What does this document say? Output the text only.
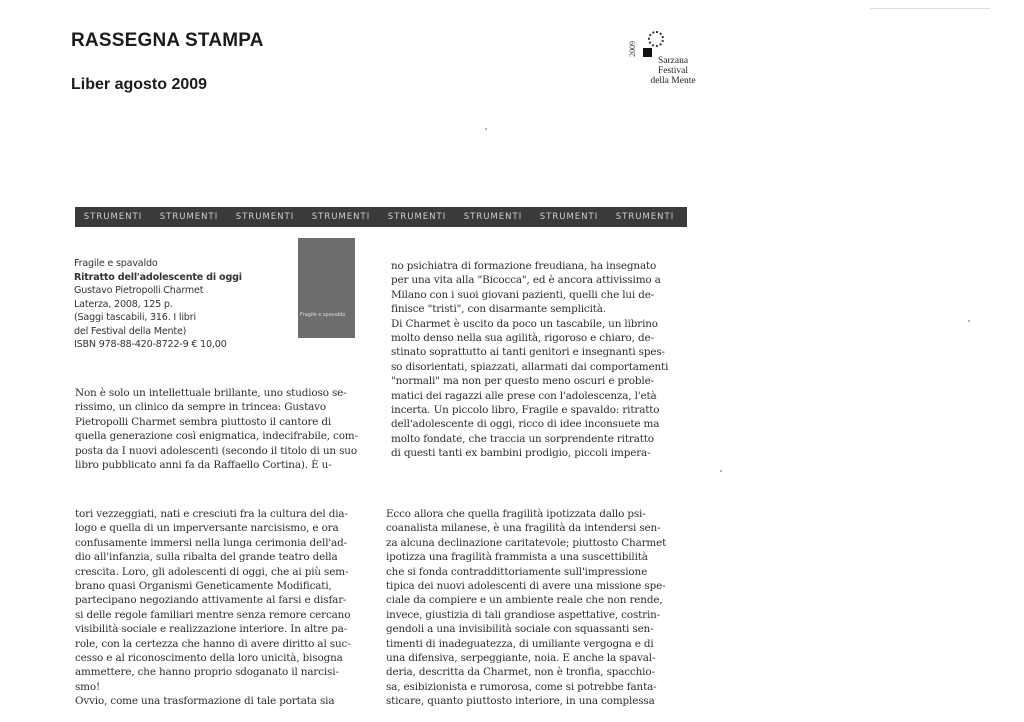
RASSEGNA STAMPA
Liber agosto 2009
2009
Sarzana
Festival
della Mente
STRUMENTI STRUMENTI STRUMENTI STRUMENTI STRUMENTI STRUMENTI STRUMENTI STRUMENTI
Fragile e spavaldo
Ritratto dell'adolescente di oggi
Gustavo Pietropolli Charmet
Laterza, 2008, 125 p.
(Saggi tascabili, 316. I libri
del Festival della Mente)
ISBN 978-88-420-8722-9 € 10,00
Fragile e spavaldo
Non è solo un intellettuale brillante, uno studioso se-
rissimo, un clinico da sempre in trincea: Gustavo
Pietropolli Charmet sembra piuttosto il cantore di
quella generazione così enigmatica, indecifrabile, com-
posta da I nuovi adolescenti (secondo il titolo di un suo
libro pubblicato anni fa da Raffaello Cortina). È u-
no psichiatra di formazione freudiana, ha insegnato
per una vita alla "Bicocca", ed è ancora attivissimo a
Milano con i suoi giovani pazienti, quelli che lui de-
finisce "tristi", con disarmante semplicità.
Di Charmet è uscito da poco un tascabile, un librino
molto denso nella sua agilità, rigoroso e chiaro, de-
stinato soprattutto ai tanti genitori e insegnanti spes-
so disorientati, spiazzati, allarmati dai comportamenti
"normali" ma non per questo meno oscuri e proble-
matici dei ragazzi alle prese con l'adolescenza, l'età
incerta. Un piccolo libro, Fragile e spavaldo: ritratto
dell'adolescente di oggi, ricco di idee inconsuete ma
molto fondate, che traccia un sorprendente ritratto
di questi tanti ex bambini prodigio, piccoli impera-
tori vezzeggiati, nati e cresciuti fra la cultura del dia-
logo e quella di un imperversante narcisismo, e ora
confusamente immersi nella lunga cerimonia dell'ad-
dio all'infanzia, sulla ribalta del grande teatro della
crescita. Loro, gli adolescenti di oggi, che ai più sem-
brano quasi Organismi Geneticamente Modificati,
partecipano negoziando attivamente al farsi e disfar-
si delle regole familiari mentre senza remore cercano
visibilità sociale e realizzazione interiore. In altre pa-
role, con la certezza che hanno di avere diritto al suc-
cesso e al riconoscimento della loro unicità, bisogna
ammettere, che hanno proprio sdoganato il narcisi-
smo!
Ovvio, come una trasformazione di tale portata sia
Ecco allora che quella fragilità ipotizzata dallo psi-
coanalista milanese, è una fragilità da intendersi sen-
za alcuna declinazione caritatevole; piuttosto Charmet
ipotizza una fragilità frammista a una suscettibilità
che si fonda contraddittoriamente sull'impressione
tipica dei nuovi adolescenti di avere una missione spe-
ciale da compiere e un ambiente reale che non rende,
invece, giustizia di tali grandiose aspettative, costrin-
gendoli a una invisibilità sociale con squassanti sen-
timenti di inadeguatezza, di umiliante vergogna e di
una difensiva, serpeggiante, noia. E anche la spaval-
deria, descritta da Charmet, non è tronfia, spacchio-
sa, esibizionista e rumorosa, come si potrebbe fanta-
sticare, quanto piuttosto interiore, in una complessa
